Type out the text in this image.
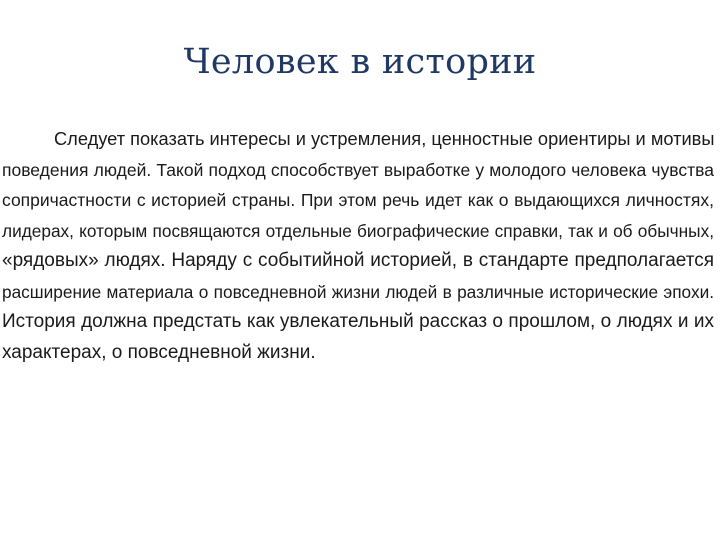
Человек в истории
Следует показать интересы и устремления, ценностные ориентиры и мотивы
поведения людей. Такой подход способствует выработке у молодого человека чувства
сопричастности с историей страны. При этом речь идет как о выдающихся личностях,
лидерах, которым посвящаются отдельные биографические справки, так и об обычных,
«рядовых» людях. Наряду с событийной историей, в стандарте предполагается
расширение материала о повседневной жизни людей в различные исторические эпохи.
История должна предстать как увлекательный рассказ о прошлом, о людях и их
характерах, о повседневной жизни.
